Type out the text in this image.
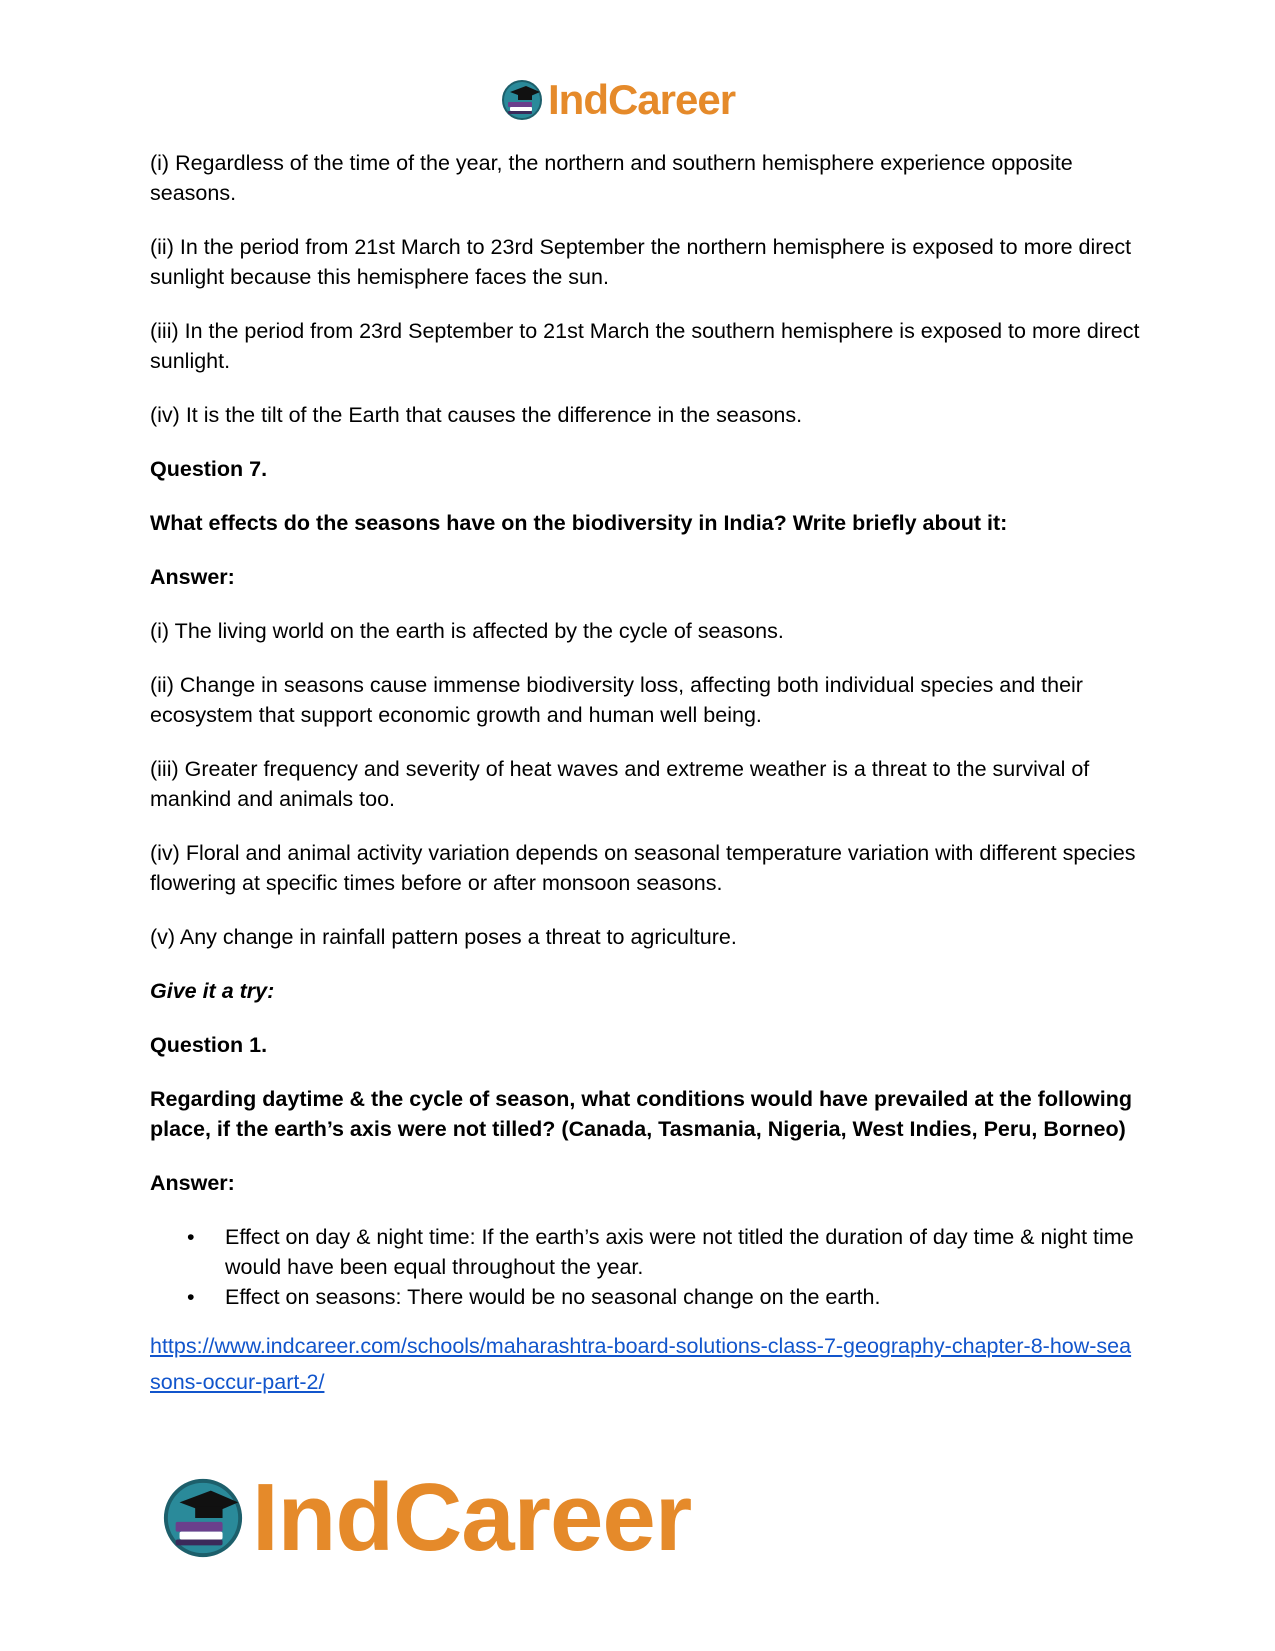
IndCareer

(i) Regardless of the time of the year, the northern and southern hemisphere experience opposite seasons.

(ii) In the period from 21st March to 23rd September the northern hemisphere is exposed to more direct sunlight because this hemisphere faces the sun.

(iii) In the period from 23rd September to 21st March the southern hemisphere is exposed to more direct sunlight.

(iv) It is the tilt of the Earth that causes the difference in the seasons.

Question 7.

What effects do the seasons have on the biodiversity in India? Write briefly about it:

Answer:

(i) The living world on the earth is affected by the cycle of seasons.

(ii) Change in seasons cause immense biodiversity loss, affecting both individual species and their ecosystem that support economic growth and human well being.

(iii) Greater frequency and severity of heat waves and extreme weather is a threat to the survival of mankind and animals too.

(iv) Floral and animal activity variation depends on seasonal temperature variation with different species flowering at specific times before or after monsoon seasons.

(v) Any change in rainfall pattern poses a threat to agriculture.

Give it a try:

Question 1.

Regarding daytime & the cycle of season, what conditions would have prevailed at the following place, if the earth’s axis were not tilled? (Canada, Tasmania, Nigeria, West Indies, Peru, Borneo)

Answer:

• Effect on day & night time: If the earth’s axis were not titled the duration of day time & night time would have been equal throughout the year.
• Effect on seasons: There would be no seasonal change on the earth.
https://www.indcareer.com/schools/maharashtra-board-solutions-class-7-geography-chapter-8-how-seasons-occur-part-2/
IndCareer
